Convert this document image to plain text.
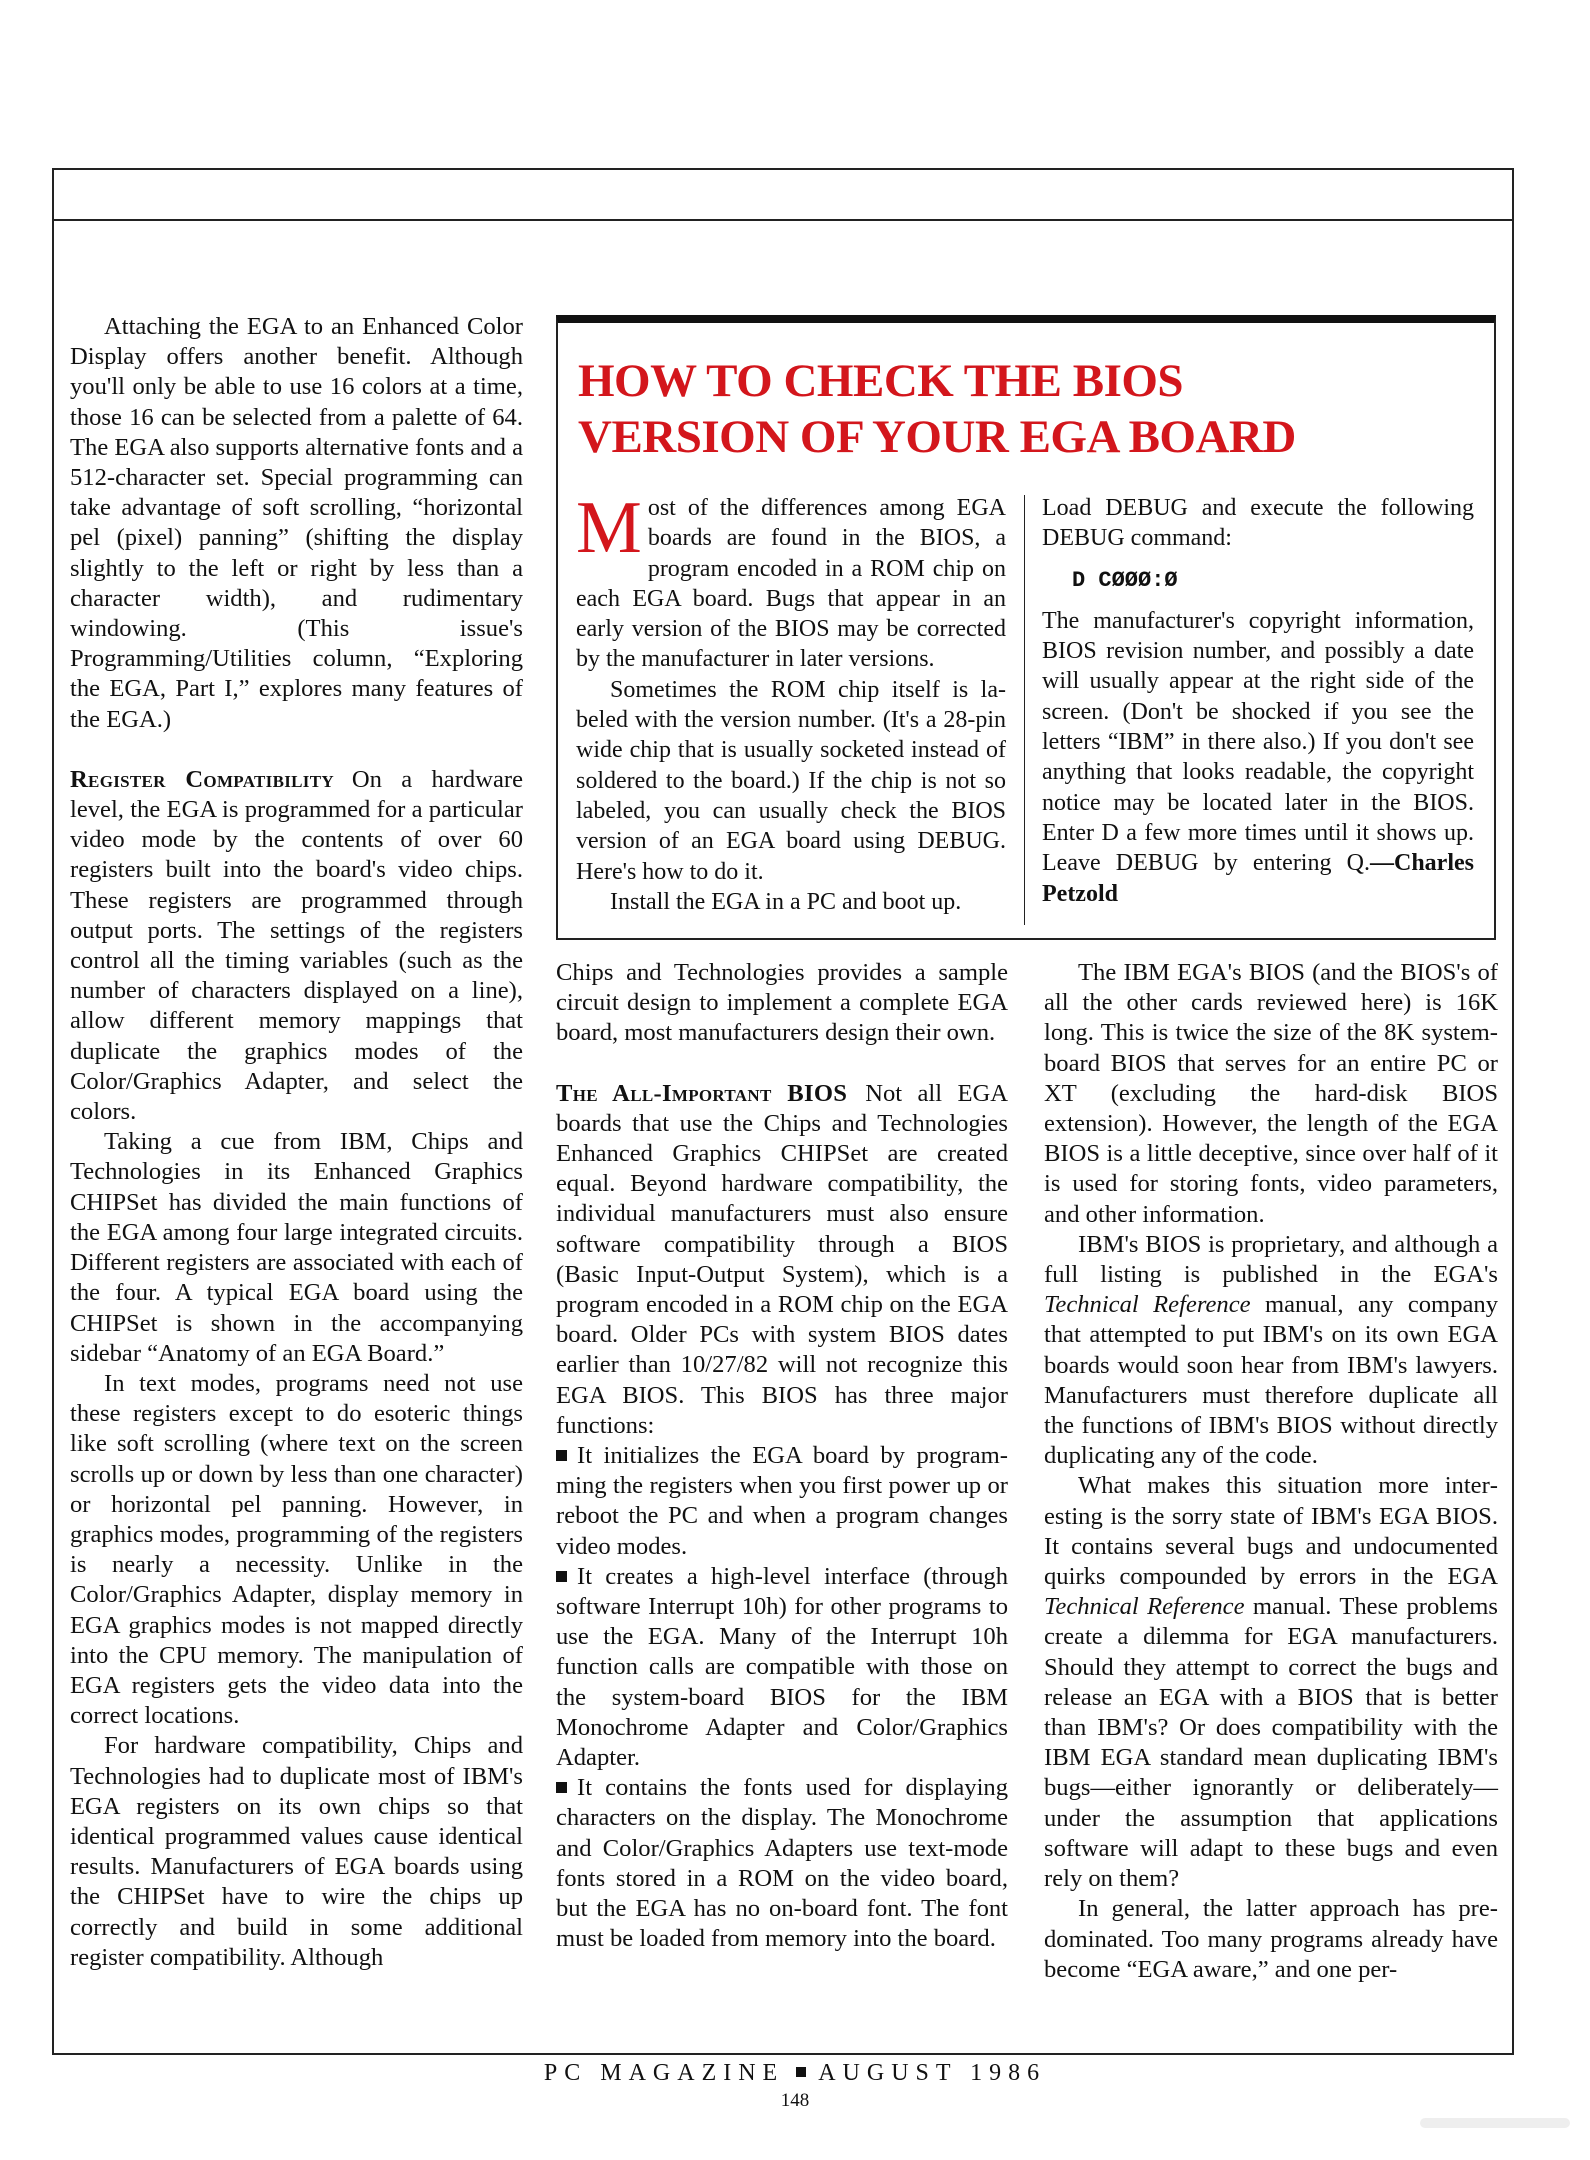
Attaching the EGA to an Enhanced Color Display offers another benefit. Although you'll only be able to use 16 colors at a time, those 16 can be selected from a palette of 64. The EGA also supports alternative fonts and a 512-character set. Special programming can take advantage of soft scrolling, “horizontal pel (pixel) panning” (shifting the display slightly to the left or right by less than a character width), and rudimentary windowing. (This issue's Programming/Utilities column, “Exploring the EGA, Part I,” explores many features of the EGA.)

Register Compatibility On a hardware level, the EGA is programmed for a particular video mode by the contents of over 60 registers built into the board's video chips. These registers are programmed through output ports. The settings of the registers control all the timing variables (such as the number of characters displayed on a line), allow different memory mappings that duplicate the graphics modes of the Color/Graphics Adapter, and select the colors.

Taking a cue from IBM, Chips and Technologies in its Enhanced Graphics CHIPSet has divided the main functions of the EGA among four large integrated circuits. Different registers are associated with each of the four. A typical EGA board using the CHIPSet is shown in the accompanying sidebar “Anatomy of an EGA Board.”

In text modes, programs need not use these registers except to do esoteric things like soft scrolling (where text on the screen scrolls up or down by less than one character) or horizontal pel panning. However, in graphics modes, programming of the registers is nearly a necessity. Unlike in the Color/Graphics Adapter, display memory in EGA graphics modes is not mapped directly into the CPU memory. The manipulation of EGA registers gets the video data into the correct locations.

For hardware compatibility, Chips and Technologies had to duplicate most of IBM's EGA registers on its own chips so that identical programmed values cause identical results. Manufacturers of EGA boards using the CHIPSet have to wire the chips up correctly and build in some additional register compatibility. Although

HOW TO CHECK THE BIOS
VERSION OF YOUR EGA BOARD

Most of the differences among EGA boards are found in the BIOS, a program encoded in a ROM chip on each EGA board. Bugs that appear in an early version of the BIOS may be corrected by the manufacturer in later versions.

Sometimes the ROM chip itself is labeled with the version number. (It's a 28-pin wide chip that is usually socketed instead of soldered to the board.) If the chip is not so labeled, you can usually check the BIOS version of an EGA board using DEBUG. Here's how to do it.

Install the EGA in a PC and boot up.

Load DEBUG and execute the following DEBUG command:

D CØØØ:Ø

The manufacturer's copyright information, BIOS revision number, and possibly a date will usually appear at the right side of the screen. (Don't be shocked if you see the letters “IBM” in there also.) If you don't see anything that looks readable, the copyright notice may be located later in the BIOS. Enter D a few more times until it shows up. Leave DEBUG by entering Q.—Charles Petzold

Chips and Technologies provides a sample circuit design to implement a complete EGA board, most manufacturers design their own.

The All-Important BIOS Not all EGA boards that use the Chips and Technologies Enhanced Graphics CHIPSet are created equal. Beyond hardware compatibility, the individual manufacturers must also ensure software compatibility through a BIOS (Basic Input-Output System), which is a program encoded in a ROM chip on the EGA board. Older PCs with system BIOS dates earlier than 10/27/82 will not recognize this EGA BIOS. This BIOS has three major functions:

It initializes the EGA board by programming the registers when you first power up or reboot the PC and when a program changes video modes.
It creates a high-level interface (through software Interrupt 10h) for other programs to use the EGA. Many of the Interrupt 10h function calls are compatible with those on the system-board BIOS for the IBM Monochrome Adapter and Color/Graphics Adapter.
It contains the fonts used for displaying characters on the display. The Monochrome and Color/Graphics Adapters use text-mode fonts stored in a ROM on the video board, but the EGA has no on-board font. The font must be loaded from memory into the board.

The IBM EGA's BIOS (and the BIOS's of all the other cards reviewed here) is 16K long. This is twice the size of the 8K system-board BIOS that serves for an entire PC or XT (excluding the hard-disk BIOS extension). However, the length of the EGA BIOS is a little deceptive, since over half of it is used for storing fonts, video parameters, and other information.

IBM's BIOS is proprietary, and although a full listing is published in the EGA's Technical Reference manual, any company that attempted to put IBM's on its own EGA boards would soon hear from IBM's lawyers. Manufacturers must therefore duplicate all the functions of IBM's BIOS without directly duplicating any of the code.

What makes this situation more interesting is the sorry state of IBM's EGA BIOS. It contains several bugs and undocumented quirks compounded by errors in the EGA Technical Reference manual. These problems create a dilemma for EGA manufacturers. Should they attempt to correct the bugs and release an EGA with a BIOS that is better than IBM's? Or does compatibility with the IBM EGA standard mean duplicating IBM's bugs—either ignorantly or deliberately—under the assumption that applications software will adapt to these bugs and even rely on them?

In general, the latter approach has predominated. Too many programs already have become “EGA aware,” and one per-

PC MAGAZINE AUGUST 1986
148
